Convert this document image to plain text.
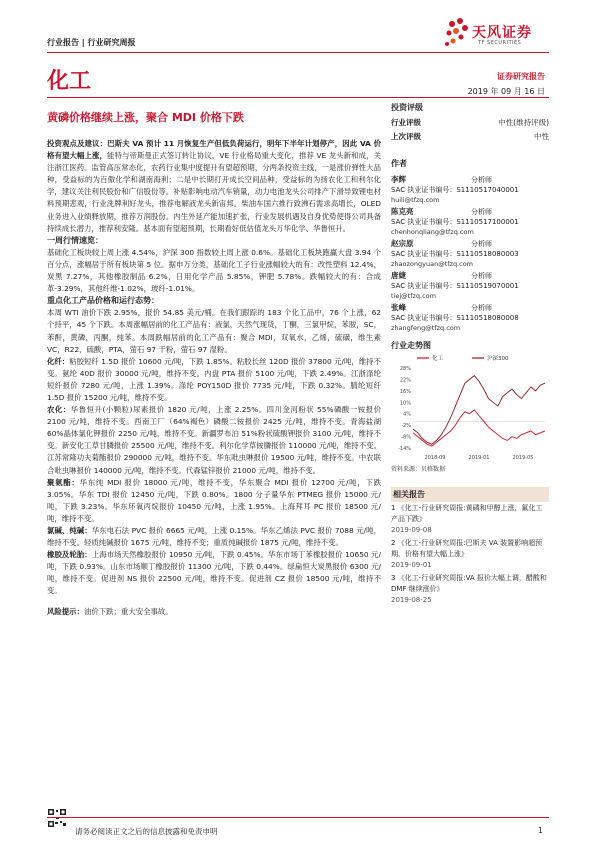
行业报告 | 行业研究周报
天风证券
TF SECURITIES
化工	证券研究报告
2019 年 09 月 16 日
黄磷价格继续上涨，聚合 MDI 价格下跌

投资观点及建议：巴斯夫 VA 预计 11 月恢复生产但低负荷运行，明年下半年计划停产，因此 VA 价格有望大幅上涨，能特与帝斯曼正式签订转让协议，VE 行业格局重大变化，推荐 VE 龙头新和成，关注浙江医药。监管高压常态化，农药行业集中度提升有望超预期，分两条投资主线，一是涨价弹性大品种，受益标的为百傲化学和湖南海利；二是中长期打开成长空间品种，受益标的为扬农化工和利尔化学，建议关注利民股份和广信股份等。补贴影响电动汽车销量，动力电池龙头公司排产下滑导致锂电材料预期悲观，行业洗牌利好龙头，推荐电解液龙头新宙邦。柴油车国六推行致沸石需求高增长，OLED 业务进入业绩释放期，推荐万润股份。内生外延产能加速扩张，行业发展机遇及自身优势使得公司具备持续成长潜力，推荐利安隆。基本面有望超预期，长期看好低估值龙头万华化学、华鲁恒升。

一周行情速览：

基础化工板块较上周上涨 4.54%，沪深 300 指数较上周上涨 0.6%。基础化工板块跑赢大盘 3.94 个百分点，涨幅居于所有板块第 5 位。据申万分类，基础化工子行业涨幅较大的有：改性塑料 12.4%，炭黑 7.27%，其他橡胶制品 6.2%，日用化学产品 5.85%，钾肥 5.78%。跌幅较大的有：合成革-3.29%，其他纤维-1.02%，玻纤-1.01%。

重点化工产品价格和运行态势：

本周 WTI 油价下跌 2.95%，报价 54.85 美元/桶。在我们跟踪的 183 个化工品中，76 个上涨，62 个持平，45 个下跌。本周涨幅居前的化工产品有：液氯，天然气现货，丁酮，三氯甲烷，苯胺，SC，苯酐，黄磷，丙酮，纯苯。本周跌幅居前的化工产品有：聚合 MDI，双氧水，乙烯，硫磺，维生素 VC，R22，硫酸，PTA，萤石 97 干粉，萤石 97 湿粉。

化纤：粘胶短纤 1.5D 报价 10600 元/吨，下跌 1.85%。粘胶长丝 120D 报价 37800 元/吨，维持不变。氨纶 40D 报价 30000 元/吨，维持不变。内盘 PTA 报价 5100 元/吨，下跌 2.49%。江浙涤纶短纤报价 7280 元/吨，上涨 1.39%。涤纶 POY150D 报价 7735 元/吨，下跌 0.32%。腈纶短纤 1.5D 报价 15200 元/吨，维持不变。

农化：华鲁恒升(小颗粒)尿素报价 1820 元/吨，上涨 2.25%。四川金河粉状 55%磷酸一铵报价 2100 元/吨，维持不变。西南工厂（64%褐色）磷酸二铵报价 2425 元/吨，维持不变。青海盐湖 60%晶体氯化钾报价 2250 元/吨，维持不变。新疆罗布泊 51%粉状硫酸钾报价 3100 元/吨，维持不变。新安化工草甘膦报价 25500 元/吨，维持不变。利尔化学草铵膦报价 110000 元/吨，维持不变。江苏常隆功夫菊酯报价 290000 元/吨，维持不变。华东吡虫啉报价 19500 元/吨，维持不变。中农联合吡虫啉报价 140000 元/吨，维持不变。代森锰锌报价 21000 元/吨，维持不变。

聚氨酯：华东纯 MDI 报价 18000 元/吨，维持不变，华东聚合 MDI 报价 12700 元/吨，下跌 3.05%。华东 TDI 报价 12450 元/吨，下跌 0.80%。1800 分子量华东 PTMEG 报价 15000 元/吨，下跌 3.23%。华东环氧丙烷报价 10450 元/吨，上涨 1.95%。上海拜耳 PC 报价 18500 元/吨，维持不变。

氯碱、纯碱：华东电石法 PVC 报价 6665 元/吨，上涨 0.15%。华东乙烯法 PVC 报价 7088 元/吨，维持不变。轻质纯碱报价 1675 元/吨，维持不变；重质纯碱报价 1875 元/吨，维持不变。

橡胶及轮胎：上海市场天然橡胶报价 10950 元/吨，下跌 0.45%。华东市场丁苯橡胶报价 10650 元/吨，下跌 0.93%。山东市场顺丁橡胶报价 11300 元/吨，下跌 0.44%。绿扁恒大炭黑报价 6300 元/吨，维持不变。促进剂 NS 报价 22500 元/吨，维持不变。促进剂 CZ 报价 18500 元/吨，维持不变。

风险提示：油价下跌；重大安全事故。

投资评级
行业评级	中性(维持评级)
上次评级	中性
作者
李辉	分析师
SAC 执业证书编号：S1110517040001
huili@tfzq.com
陈克亮	分析师
SAC 执业证书编号：S1110517100001
chenhonqliang@tfzq.com
赵宗原	分析师
SAC 执业证书编号：S1110518080003
zhaozongyuan@tfzq.com
唐婕	分析师
SAC 执业证书编号：S1110519070001
tiej@tfzq.com
张峰	分析师
SAC 执业证书编号：S1110518080008
zhangfeng@tfzq.com
行业走势图
28%
22%
16%
10%
4%
-2%
-8%
-14%
2018-09	2019-01	2019-05
化工	沪深300
资料来源：贝格数据
相关报告
1 《化工-行业研究周报:黄磷和甲醇上涨，氟化工产品下跌》
2019-09-08
2 《化工-行业研究周报:巴斯夫 VA 装置影响超预期，价格有望大幅上涨》
2019-09-01
3 《化工-行业研究周报:VA 报价大幅上调，醋酸和 DMF 继续涨价》
2019-08-25
请务必阅读正文之后的信息披露和免责申明	1
